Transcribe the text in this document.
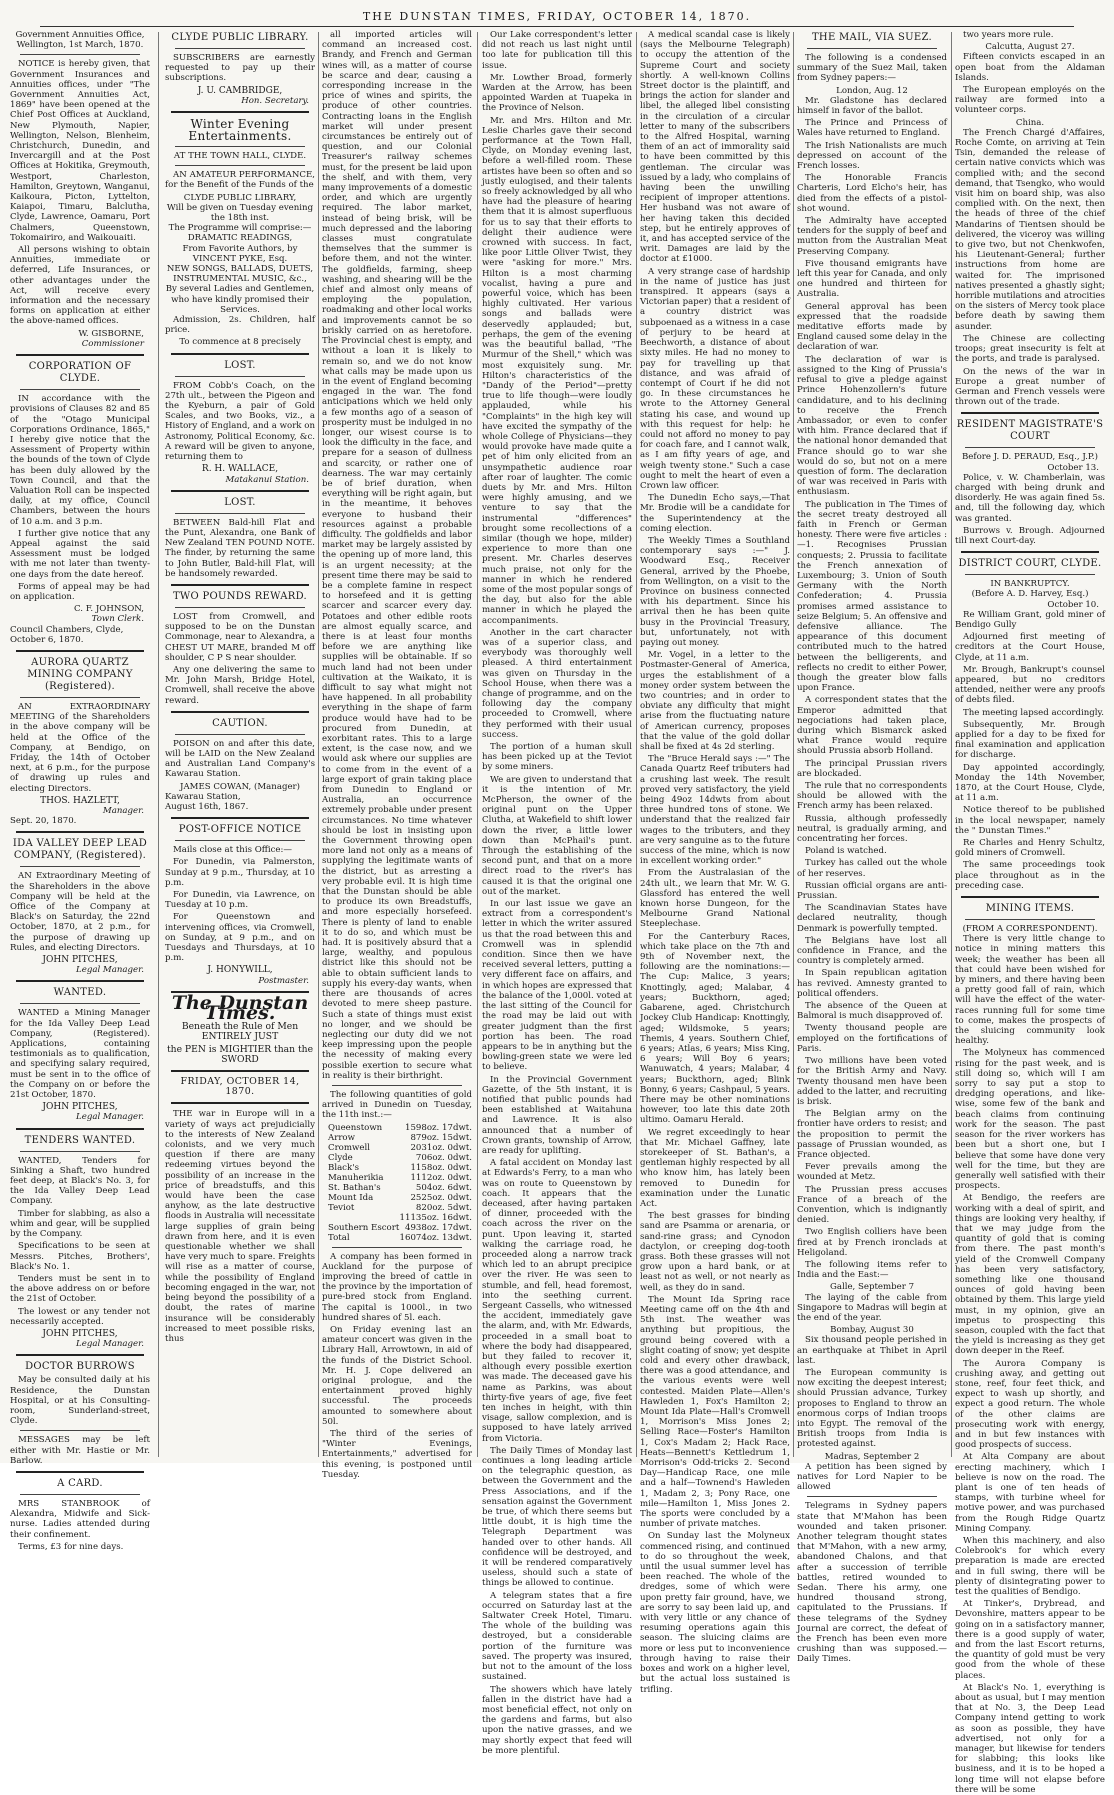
THE DUNSTAN TIMES, FRIDAY, OCTOBER 14, 1870.
Government Annuities Office,
Wellington, 1st March, 1870.

NOTICE is hereby given, that Government Insurances and Annuities offices, under "The Government Annuities Act, 1869" have been opened at the Chief Post Offices at Auckland, New Plymouth, Napier, Wellington, Nelson, Blenheim, Christchurch, Dunedin, and Invercargill and at the Post Offices at Hokitika, Greymouth, Westport, Charleston, Hamilton, Greytown, Wanganui, Kaikoura, Picton, Lyttelton, Kaiapoi, Timaru, Balclutha, Clyde, Lawrence, Oamaru, Port Chalmers, Queenstown, Tokomairiro, and Waikouaiti.

All persons wishing to obtain Annuities, immediate or deferred, Life Insurances, or other advantages under the Act, will receive every information and the necessary forms on application at either the above-named offices.

W. GISBORNE,
Commissioner
CORPORATION OF CLYDE.

IN accordance with the provisions of Clauses 82 and 85 of the "Otago Municipal Corporations Ordinance, 1865," I hereby give notice that the Assessment of Property within the bounds of the town of Clyde has been duly allowed by the Town Council, and that the Valuation Roll can be inspected daily, at my office, Council Chambers, between the hours of 10 a.m. and 3 p.m.

I further give notice that any Appeal against the said Assessment must be lodged with me not later than twenty-one days from the date hereof.

Forms of appeal may be had on application.

C. F. JOHNSON,
Town Clerk.
Council Chambers, Clyde,
October 6, 1870.
AURORA QUARTZ MINING COMPANY (Registered).

AN EXTRAORDINARY MEETING of the Shareholders in the above company will be held at the Office of the Company, at Bendigo, on Friday, the 14th of October next, at 6 p.m., for the purpose of drawing up rules and electing Directors.

THOS. HAZLETT,
Manager.
Sept. 20, 1870.
IDA VALLEY DEEP LEAD COMPANY, (Registered).

AN Extraordinary Meeting of the Shareholders in the above Company will be held at the Office of the Company at Black's on Saturday, the 22nd October, 1870, at 2 p.m., for the purpose of drawing up Rules, and electing Directors.

JOHN PITCHES,
Legal Manager.
WANTED.

WANTED a Mining Manager for the Ida Valley Deep Lead Company, (Registered). Applications, containing testimonials as to qualification, and specifying salary required, must be sent in to the office of the Company on or before the 21st October, 1870.

JOHN PITCHES,
Legal Manager.
TENDERS WANTED.

WANTED, Tenders for Sinking a Shaft, two hundred feet deep, at Black's No. 3, for the Ida Valley Deep Lead Company.

Timber for slabbing, as also a whim and gear, will be supplied by the Company.

Specifications to be seen at Messrs. Pitches, Brothers', Black's No. 1.

Tenders must be sent in to the above address on or before the 21st of October.

The lowest or any tender not necessarily accepted.

JOHN PITCHES,
Legal Manager.
DOCTOR BURROWS

May be consulted daily at his Residence, the Dunstan Hospital, or at his Consulting-room, Sunderland-street, Clyde.

MESSAGES may be left either with Mr. Hastie or Mr. Barlow.

A CARD.

MRS STANBROOK of Alexandra, Midwife and Sick-nurse. Ladies attended during their confinement.

Terms, £3 for nine days.

CLYDE PUBLIC LIBRARY.

SUBSCRIBERS are earnestly requested to pay up their subscriptions.

J. U. CAMBRIDGE,
Hon. Secretary.
Winter Evening Entertainments.
AT THE TOWN HALL, CLYDE.

AN AMATEUR PERFORMANCE, for the Benefit of the Funds of the

CLYDE PUBLIC LIBRARY,
Will be given on Tuesday evening the 18th inst.
The Programme will comprise:—
DRAMATIC READINGS,
From Favorite Authors, by
VINCENT PYKE, Esq.
NEW SONGS, BALLADS, DUETS, INSTRUMENTAL MUSIC, &c.,
By several Ladies and Gentlemen, who have kindly promised their Services.

Admission, 2s. Children, half price.

To commence at 8 precisely
LOST.

FROM Cobb's Coach, on the 27th ult., between the Pigeon and the Kyeburn, a pair of Gold Scales, and two Books, viz., a History of England, and a work on Astronomy, Political Economy, &c. A reward will be given to anyone, returning them to

R. H. WALLACE,
Matakanui Station.
LOST.

BETWEEN Bald-hill Flat and the Punt, Alexandra, one Bank of New Zealand TEN POUND NOTE. The finder, by returning the same to John Butler, Bald-hill Flat, will be handsomely rewarded.

TWO POUNDS REWARD.

LOST from Cromwell, and supposed to be on the Dunstan Commonage, near to Alexandra, a CHEST UT MARE, branded M off shoulder, C P S near shoulder.

Any one delivering the same to Mr. John Marsh, Bridge Hotel, Cromwell, shall receive the above reward.

CAUTION.

POISON on and after this date, will be LAID on the New Zealand and Australian Land Company's Kawarau Station.

JAMES COWAN, (Manager)
Kawarau Station,
August 16th, 1867.
POST-OFFICE NOTICE

Mails close at this Office:—

For Dunedin, via Palmerston, Sunday at 9 p.m., Thursday, at 10 p.m.

For Dunedin, via Lawrence, on Tuesday at 10 p.m.

For Queenstown and intervening offices, via Cromwell, on Sunday, at 9 p.m., and on Tuesdays and Thursdays, at 10 p.m.

J. HONYWILL,
Postmaster.
The Dunstan Times.
Beneath the Rule of Men ENTIRELY JUST
the PEN is MIGHTIER than the SWORD
FRIDAY, OCTOBER 14, 1870.

THE war in Europe will in a variety of ways act prejudicially to the interests of New Zealand colonists, and we very much question if there are many redeeming virtues beyond the possibility of an increase in the price of breadstuffs, and this would have been the case anyhow, as the late destructive floods in Australia will necessitate large supplies of grain being drawn from here, and it is even questionable whether we shall have very much to spare. Freights will rise as a matter of course, while the possibility of England becoming engaged in the war, not being beyond the possibility of a doubt, the rates of marine insurance will be considerably increased to meet possible risks, thus

all imported articles will command an increased cost. Brandy, and French and German wines will, as a matter of course be scarce and dear, causing a corresponding increase in the price of wines and spirits, the produce of other countries. Contracting loans in the English market will under present circumstances be entirely out of question, and our Colonial Treasurer's railway schemes must, for the present be laid upon the shelf, and with them, very many improvements of a domestic order, and which are urgently required. The labor market, instead of being brisk, will be much depressed and the laboring classes must congratulate themselves that the summer is before them, and not the winter. The goldfields, farming, sheep washing, and shearing will be the chief and almost only means of employing the population, roadmaking and other local works and improvements cannot be so briskly carried on as heretofore. The Provincial chest is empty, and without a loan it is likely to remain so, and we do not know what calls may be made upon us in the event of England becoming engaged in the war. The fond anticipations which we held only a few months ago of a season of prosperity must be indulged in no longer, our wisest course is to look the difficulty in the face, and prepare for a season of dullness and scarcity, or rather one of dearness. The war may certainly be of brief duration, when everything will be right again, but in the meantime, it behoves everyone to husband their resources against a probable difficulty. The goldfields and labor market may be largely assisted by the opening up of more land, this is an urgent necessity; at the present time there may be said to be a complete famine in respect to horsefeed and it is getting scarcer and scarcer every day. Potatoes and other edible roots are almost equally scarce, and there is at least four months before we are anything like supplies will be obtainable. If so much land had not been under cultivation at the Waikato, it is difficult to say what might not have happened. In all probability everything in the shape of farm produce would have had to be procured from Dunedin, at exorbitant rates. This to a large extent, is the case now, and we would ask where our supplies are to come from in the event of a large export of grain taking place from Dunedin to England or Australia, an occurrence extremely probable under present circumstances. No time whatever should be lost in insisting upon the Government throwing open more land not only as a means of supplying the legitimate wants of the district, but as arresting a very probable evil. It is high time that the Dunstan should be able to produce its own Breadstuffs, and more especially horsefeed. There is plenty of land to enable it to do so, and which must be had. It is positively absurd that a large, wealthy, and populous district like this should not be able to obtain sufficient lands to supply his every-day wants, when there are thousands of acres devoted to mere sheep pasture. Such a state of things must exist no longer, and we should be neglecting our duty did we not keep impressing upon the people the necessity of making every possible exertion to secure what in reality is their birthright.

The following quantities of gold arrived in Dunedin on Tuesday, the 11th inst.:—

Queenstown	1598oz. 17dwt.
Arrow	879oz. 15dwt.
Cromwell	2031oz. 0dwt.
Clyde	706oz. 0dwt.
Black's	1158oz. 0dwt.
Manuherikia	1112oz. 0dwt.
St. Bathan's	504oz. 6dwt.
Mount Ida	2525oz. 0dwt.
Teviot	820oz. 5dwt.
	11135oz. 16dwt.
Southern Escort	4938oz. 17dwt.
Total	16074oz. 13dwt.

A company has been formed in Auckland for the purpose of improving the breed of cattle in the province by the importation of pure-bred stock from England. The capital is 1000l., in two hundred shares of 5l. each.

On Friday evening last an amateur concert was given in the Library Hall, Arrowtown, in aid of the funds of the District School. Mr. H. J. Cope delivered an original prologue, and the entertainment proved highly successful. The proceeds amounted to somewhere about 50l.

The third of the series of "Winter Evenings, Entertainments," advertised for this evening, is postponed until Tuesday.

Our Lake correspondent's letter did not reach us last night until too late for publication till this issue.

Mr. Lowther Broad, formerly Warden at the Arrow, has been appointed Warden at Tuapeka in the Province of Nelson.

Mr. and Mrs. Hilton and Mr. Leslie Charles gave their second performance at the Town Hall, Clyde, on Monday evening last, before a well-filled room. These artistes have been so often and so justly eulogised, and their talents so freely acknowledged by all who have had the pleasure of hearing them that it is almost superfluous for us to say that their efforts to delight their audience were crowned with success. In fact, like poor Little Oliver Twist, they were "asking for more." Mrs. Hilton is a most charming vocalist, having a pure and powerful voice, which has been highly cultivated. Her various songs and ballads were deservedly applauded; but, perhaps, the gem of the evening was the beautiful ballad, "The Murmur of the Shell," which was most exquisitely sung. Mr. Hilton's characteristics of the "Dandy of the Period"—pretty true to life though—were loudly applauded, while his "Complaints" in the high key will have excited the sympathy of the whole College of Physicians—they would provoke have made quite a pet of him only elicited from an unsympathetic audience roar after roar of laughter. The comic duets by Mr. and Mrs. Hilton were highly amusing, and we venture to say that the instrumental "differences" brought some recollections of a similar (though we hope, milder) experience to more than one present. Mr. Charles deserves much praise, not only for the manner in which he rendered some of the most popular songs of the day, but also for the able manner in which he played the accompaniments.

Another in the cart character was of a superior class, and everybody was thoroughly well pleased. A third entertainment was given on Thursday in the School House, when there was a change of programme, and on the following day the company proceeded to Cromwell, where they performed with their usual success.

The portion of a human skull has been picked up at the Teviot by some miners.

We are given to understand that it is the intention of Mr. McPherson, the owner of the original punt on the Upper Clutha, at Wakefield to shift lower down the river, a little lower down than McPhail's punt. Through the establishing of the second punt, and that on a more direct road to the river's has caused it is that the original one out of the market.

In our last issue we gave an extract from a correspondent's letter in which the writer assured us that the road between this and Cromwell was in splendid condition. Since then we have received several letters, putting a very different face on affairs, and in which hopes are expressed that the balance of the 1,000l. voted at the last sitting of the Council for the road may be laid out with greater judgment than the first portion has been. The road appears to be in anything but the bowling-green state we were led to believe.

In the Provincial Government Gazette, of the 5th instant, it is notified that public pounds had been established at Waitahuna and Lawrence. It is also announced that a number of Crown grants, township of Arrow, are ready for uplifting.

A fatal accident on Monday last at Edwards's Ferry, to a man who was on route to Queenstown by coach. It appears that the deceased, after having partaken of dinner, proceeded with the coach across the river on the punt. Upon leaving it, started walking the carriage road, he proceeded along a narrow track which led to an abrupt precipice over the river. He was seen to stumble, and fell, head foremost, into the seething current. Sergeant Cassells, who witnessed the accident, immediately gave the alarm, and, with Mr. Edwards, proceeded in a small boat to where the body had disappeared, but they failed to recover it, although every possible exertion was made. The deceased gave his name as Parkins, was about thirty-five years of age, five feet ten inches in height, with thin visage, sallow complexion, and is supposed to have lately arrived from Victoria.

The Daily Times of Monday last continues a long leading article on the telegraphic question, as between the Government and the Press Associations, and if the sensation against the Government be true, of which there seems but little doubt, it is high time the Telegraph Department was handed over to other hands. All confidence will be destroyed, and it will be rendered comparatively useless, should such a state of things be allowed to continue.

A telegram states that a fire occurred on Saturday last at the Saltwater Creek Hotel, Timaru. The whole of the building was destroyed, but a considerable portion of the furniture was saved. The property was insured, but not to the amount of the loss sustained.

The showers which have lately fallen in the district have had a most beneficial effect, not only on the gardens and farms, but also upon the native grasses, and we may shortly expect that feed will be more plentiful.

A medical scandal case is likely (says the Melbourne Telegraph) to occupy the attention of the Supreme Court and society shortly. A well-known Collins Street doctor is the plaintiff, and brings the action for slander and libel, the alleged libel consisting in the circulation of a circular letter to many of the subscribers to the Alfred Hospital, warning them of an act of immorality said to have been committed by this gentleman. The circular was issued by a lady, who complains of having been the unwilling recipient of improper attentions. Her husband was not aware of her having taken this decided step, but he entirely approves of it, and has accepted service of the writ. Damages are laid by the doctor at £1000.

A very strange case of hardship in the name of justice has just transpired. It appears (says a Victorian paper) that a resident of a country district was subpoenaed as a witness in a case of perjury to be heard at Beechworth, a distance of about sixty miles. He had no money to pay for travelling up that distance, and was afraid of contempt of Court if he did not go. In these circumstances he wrote to the Attorney General stating his case, and wound up with this request for help: he could not afford no money to pay for coach fare, and I cannot walk, as I am fifty years of age, and weigh twenty stone." Such a case ought to melt the heart of even a Crown law officer.

The Dunedin Echo says,—That Mr. Brodie will be a candidate for the Superintendency at the coming election.

The Weekly Times a Southland contemporary says :—" J. Woodward Esq., Receiver General, arrived by the Phoebe, from Wellington, on a visit to the Province on business connected with his department. Since his arrival then he has been quite busy in the Provincial Treasury, but, unfortunately, not with paying out money.

Mr. Vogel, in a letter to the Postmaster-General of America, urges the establishment of a money order system between the two countries; and in order to obviate any difficulty that might arise from the fluctuating nature of American currency, proposes that the value of the gold dollar shall be fixed at 4s 2d sterling.

The "Bruce Herald says :—" The Canada Quartz Reef tributers had a crushing last week. The result proved very satisfactory, the yield being 49oz 14dwts from about three hundred tons of stone. We understand that the realized fair wages to the tributers, and they are very sanguine as to the future success of the mine, which is now in excellent working order."

From the Australasian of the 24th ult., we learn that Mr. W. G. Glassford has entered the well known horse Dungeon, for the Melbourne Grand National Steeplechase.

For the Canterbury Races, which take place on the 7th and 9th of November next, the following are the nominations:—The Cup: Malice, 3 years; Knottingly, aged; Malabar, 4 years; Buckthorn, aged; Gabarene, aged. Christchurch Jockey Club Handicap: Knottingly, aged; Wildsmoke, 5 years; Themis, 4 years. Southern Chief, 6 years; Atlas, 6 years; Miss King, 6 years; Will Boy 6 years; Wanuwatch, 4 years; Malabar, 4 years; Buckthorn, aged; Blink Bonny, 6 years; Cashpaul, 5 years. There may be other nominations however, too late this date 20th ultimo. Oamaru Herald.

We regret exceedingly to hear that Mr. Michael Gaffney, late storekeeper of St. Bathan's, a gentleman highly respected by all who know him, has lately been removed to Dunedin for examination under the Lunatic Act.

The best grasses for binding sand are Psamma or arenaria, or sand-rine grass; and Cynodon dactylon, or creeping dog-tooth grass. Both these grasses will not grow upon a hard bank, or at least not as well, or not nearly as well, as they do in sand.

The Mount Ida Spring race Meeting came off on the 4th and 5th inst. The weather was anything but propitious, the ground being covered with a slight coating of snow; yet despite cold and every other drawback, there was a good attendance, and the various events were well contested. Maiden Plate—Allen's Hawleden 1, Fox's Hamilton 2; Mount Ida Plate—Hall's Cromwell 1, Morrison's Miss Jones 2; Selling Race—Foster's Hamilton 1, Cox's Madam 2; Hack Race, Heats—Bennett's Kettledrum 1, Morrison's Odd-tricks 2. Second Day—Handicap Race, one mile and a half—Townend's Hawleden 1, Madam 2, 3; Pony Race, one mile—Hamilton 1, Miss Jones 2. The sports were concluded by a number of private matches.

On Sunday last the Molyneux commenced rising, and continued to do so throughout the week, until the usual summer level has been reached. The whole of the dredges, some of which were upon pretty fair ground, have, we are sorry to say been laid up, and with very little or any chance of resuming operations again this season. The sluicing claims are more or less put to inconvenience through having to raise their boxes and work on a higher level, but the actual loss sustained is trifling.

THE MAIL, VIA SUEZ.

The following is a condensed summary of the Suez Mail, taken from Sydney papers:—

London, Aug. 12

Mr. Gladstone has declared himself in favor of the ballot.

The Prince and Princess of Wales have returned to England.

The Irish Nationalists are much depressed on account of the French losses.

The Honorable Francis Charteris, Lord Elcho's heir, has died from the effects of a pistol-shot wound.

The Admiralty have accepted tenders for the supply of beef and mutton from the Australian Meat Preserving Company.

Five thousand emigrants have left this year for Canada, and only one hundred and thirteen for Australia.

General approval has been expressed that the roadside meditative efforts made by England caused some delay in the declaration of war.

The declaration of war is assigned to the King of Prussia's refusal to give a pledge against Prince Hohenzollern's future candidature, and to his declining to receive the French Ambassador, or even to confer with him. France declared that if the national honor demanded that France should go to war she would do so, but not on a mere question of form. The declaration of war was received in Paris with enthusiasm.

The publication in The Times of the secret treaty destroyed all faith in French or German honesty. There were five articles :—1. Recognises Prussian conquests; 2. Prussia to facilitate the French annexation of Luxembourg; 3. Union of South Germany with the North Confederation; 4. Prussia promises armed assistance to seize Belgium; 5. An offensive and defensive alliance. The appearance of this document contributed much to the hatred between the belligerents, and reflects no credit to either Power, though the greater blow falls upon France.

A correspondent states that the Emperor admitted that negociations had taken place, during which Bismarck asked what France would require should Prussia absorb Holland.

The principal Prussian rivers are blockaded.

The rule that no correspondents should be allowed with the French army has been relaxed.

Russia, although professedly neutral, is gradually arming, and concentrating her forces.

Poland is watched.

Turkey has called out the whole of her reserves.

Russian official organs are anti-Prussian.

The Scandinavian States have declared neutrality, though Denmark is powerfully tempted.

The Belgians have lost all confidence in France, and the country is completely armed.

In Spain republican agitation has revived. Amnesty granted to political offenders.

The absence of the Queen at Balmoral is much disapproved of.

Twenty thousand people are employed on the fortifications of Paris.

Two millions have been voted for the British Army and Navy. Twenty thousand men have been added to the latter, and recruiting is brisk.

The Belgian army on the frontier have orders to resist; and the proposition to permit the passage of Prussian wounded, as France objected.

Fever prevails among the wounded at Metz.

The Prussian press accuses France of a breach of the Convention, which is indignantly denied.

Two English colliers have been fired at by French ironclads at Heligoland.

The following items refer to India and the East:—

Galle, September 7

The laying of the cable from Singapore to Madras will begin at the end of the year.

Bombay, August 30

Six thousand people perished in an earthquake at Thibet in April last.

The European community is now exciting the deepest interest; should Prussian advance, Turkey proposes to England to throw an enormous corps of Indian troops into Egypt. The removal of the British troops from India is protested against.

Madras, September 2

A petition has been signed by natives for Lord Napier to be allowed

Telegrams in Sydney papers state that M'Mahon has been wounded and taken prisoner. Another telegram thought states that M'Mahon, with a new army, abandoned Chalons, and that after a succession of terrible battles, retired wounded to Sedan. There his army, one hundred thousand strong, capitulated to the Prussians. If these telegrams of the Sydney Journal are correct, the defeat of the French has been even more crushing than was supposed.—Daily Times.

two years more rule.

Calcutta, August 27.

Fifteen convicts escaped in an open boat from the Aldaman Islands.

The European employés on the railway are formed into a volunteer corps.

China.

The French Chargé d'Affaires, Roche Comte, on arriving at Tein Tsin, demanded the release of certain native convicts which was complied with; and the second demand, that Tsengko, who would visit him on board ship, was also complied with. On the next, then the heads of three of the chief Mandarins of Tientsen should be delivered, the viceroy was willing to give two, but not Chenkwofen, his Lieutenant-General; further instructions from home are waited for. The imprisoned natives presented a ghastly sight; horrible mutilations and atrocities on the sisters of Mercy took place before death by sawing them asunder.

The Chinese are collecting troops; great insecurity is felt at the ports, and trade is paralysed.

On the news of the war in Europe a great number of German and French vessels were thrown out of the trade.

RESIDENT MAGISTRATE'S COURT
Before J. D. PERAUD, Esq., J.P.)
October 13.

Police, v. W. Chamberlain, was charged with being drunk and disorderly. He was again fined 5s. and, till the following day, which was granted.

Burrows v. Brough. Adjourned till next Court-day.

DISTRICT COURT, CLYDE.
IN BANKRUPTCY.
(Before A. D. Harvey, Esq.)
October 10.

Re William Grant, gold miner of Bendigo Gully

Adjourned first meeting of creditors at the Court House, Clyde, at 11 a.m.

Mr. Brough, Bankrupt's counsel appeared, but no creditors attended, neither were any proofs of debts filed.

The meeting lapsed accordingly.

Subsequently, Mr. Brough applied for a day to be fixed for final examination and application for discharge.

Day appointed accordingly, Monday the 14th November, 1870, at the Court House, Clyde, at 11 a.m.

Notice thereof to be published in the local newspaper, namely the " Dunstan Times."

Re Charles and Henry Schultz, gold miners of Cromwell.

The same proceedings took place throughout as in the preceding case.

MINING ITEMS.
(FROM A CORRESPONDENT).

There is very little change to notice in mining matters this week; the weather has been all that could have been wished for by miners, and there having been a pretty good fall of rain, which will have the effect of the water-races running full for some time to come, makes the prospects of the sluicing community look healthy.

The Molyneux has commenced rising for the past week, and is still doing so, which will I am sorry to say put a stop to dredging operations, and like-wise, some few of the bank and beach claims from continuing work for the season. The past season for the river workers has been but a short one, but I believe that some have done very well for the time, but they are generally well satisfied with their prospects.

At Bendigo, the reefers are working with a deal of spirit, and things are looking very healthy, if that we may judge from the quantity of gold that is coming from there. The past month's yield of the Cromwell Company has been very satisfactory, something like one thousand ounces of gold having been obtained by them. This large yield must, in my opinion, give an impetus to prospecting this season, coupled with the fact that the yield is increasing as they get down deeper in the Reef.

The Aurora Company is crushing away, and getting out stone, reef, four feet thick, and expect to wash up shortly, and expect a good return. The whole of the other claims are prosecuting work with energy, and in but few instances with good prospects of success.

At Alta Company are about erecting machinery, which I believe is now on the road. The plant is one of ten heads of stamps, with turbine wheel for motive power, and was purchased from the Rough Ridge Quartz Mining Company.

When this machinery, and also Colebrook's for which every preparation is made are erected and in full swing, there will be plenty of disintegrating power to test the qualities of Bendigo.

At Tinker's, Drybread, and Devonshire, matters appear to be going on in a satisfactory manner, there is a good supply of water, and from the last Escort returns, the quantity of gold must be very good from the whole of these places.

At Black's No. 1, everything is about as usual, but I may mention that at No. 3, the Deep Lead Company intend getting to work as soon as possible, they have advertised, not only for a manager, but likewise for tenders for slabbing; this looks like business, and it is to be hoped a long time will not elapse before there will be some
